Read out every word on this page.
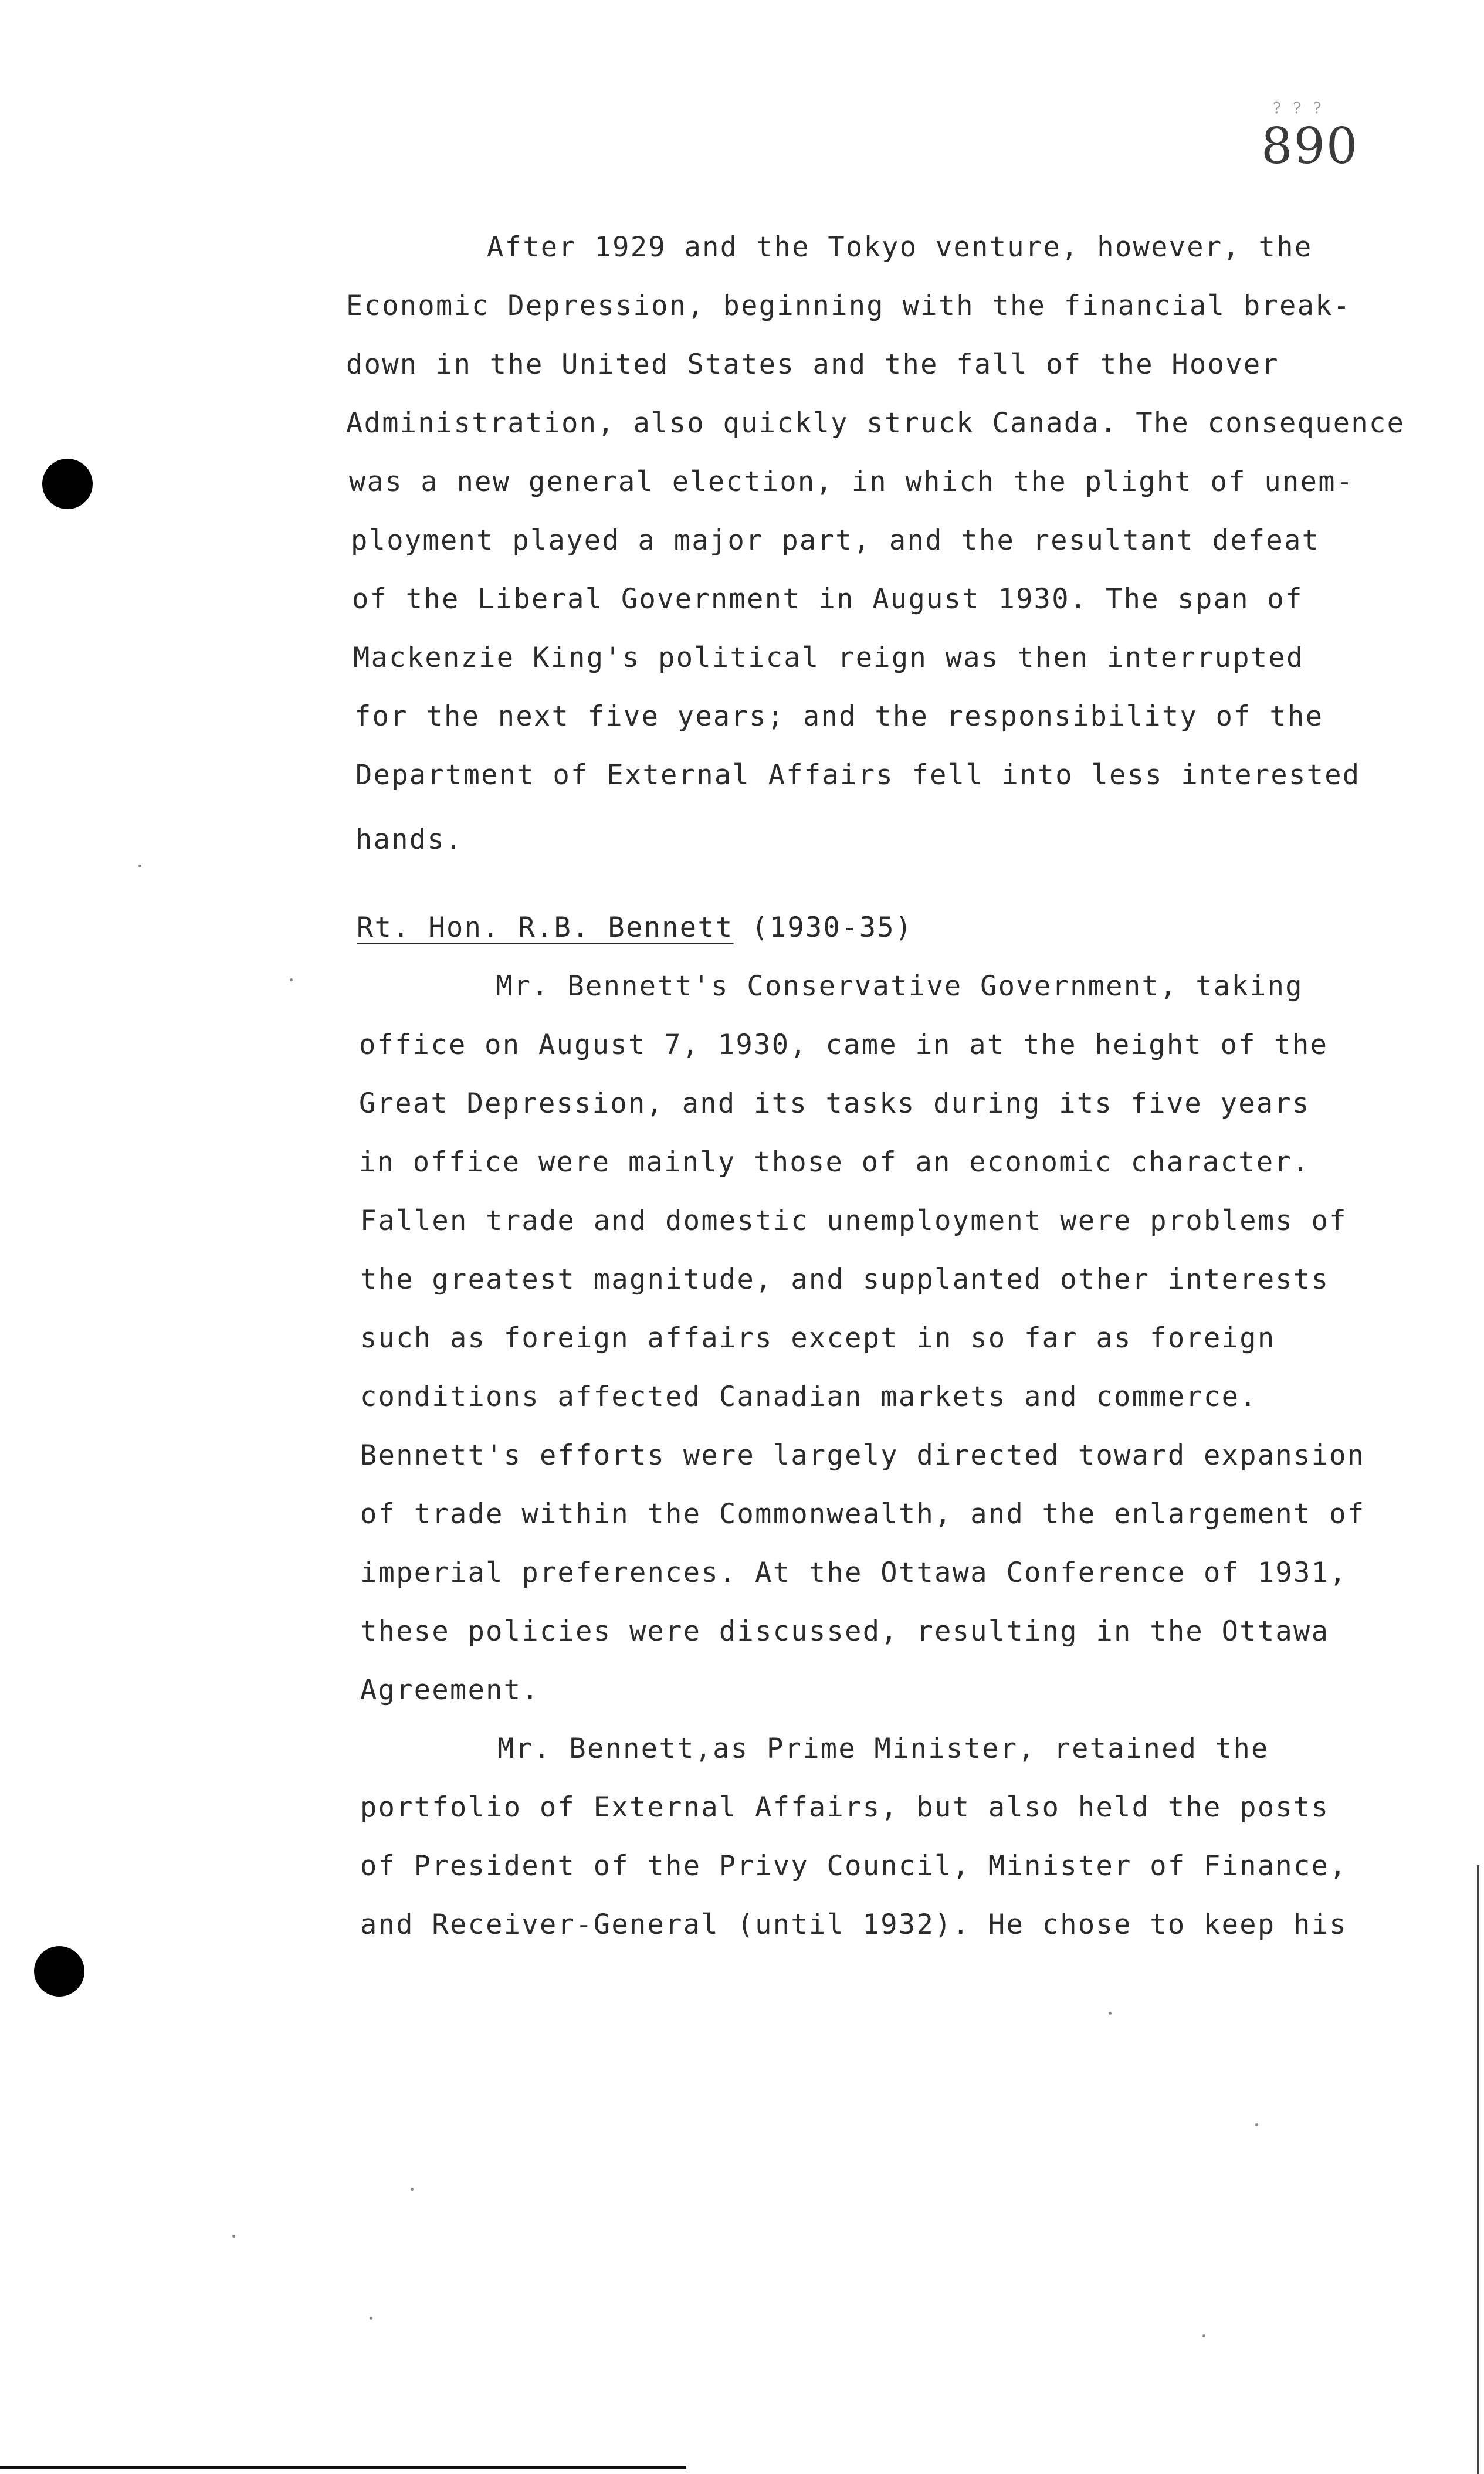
? ? ?
890
After 1929 and the Tokyo venture, however, the
Economic Depression, beginning with the financial break-
down in the United States and the fall of the Hoover
Administration, also quickly struck Canada. The consequence
was a new general election, in which the plight of unem-
ployment played a major part, and the resultant defeat
of the Liberal Government in August 1930. The span of
Mackenzie King's political reign was then interrupted
for the next five years; and the responsibility of the
Department of External Affairs fell into less interested
hands.
Rt. Hon. R.B. Bennett (1930-35)
Mr. Bennett's Conservative Government, taking
office on August 7, 1930, came in at the height of the
Great Depression, and its tasks during its five years
in office were mainly those of an economic character.
Fallen trade and domestic unemployment were problems of
the greatest magnitude, and supplanted other interests
such as foreign affairs except in so far as foreign
conditions affected Canadian markets and commerce.
Bennett's efforts were largely directed toward expansion
of trade within the Commonwealth, and the enlargement of
imperial preferences. At the Ottawa Conference of 1931,
these policies were discussed, resulting in the Ottawa
Agreement.
Mr. Bennett,as Prime Minister, retained the
portfolio of External Affairs, but also held the posts
of President of the Privy Council, Minister of Finance,
and Receiver-General (until 1932). He chose to keep his
